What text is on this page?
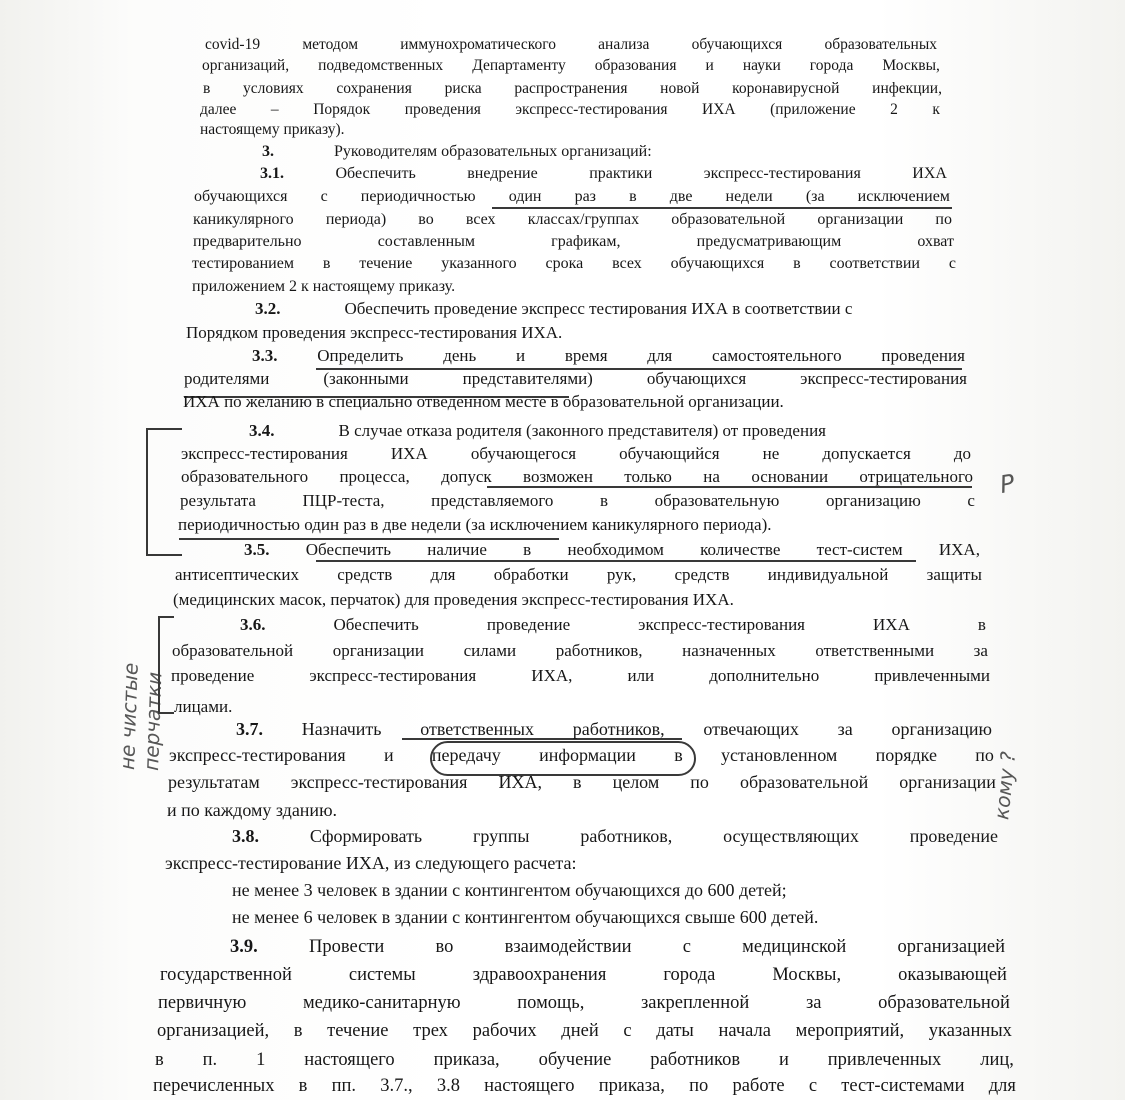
covid-19	методом	иммунохроматического	анализа	обучающихся	образовательных
организаций, подведомственных Департаменту образования и науки города Москвы,
в условиях сохранения риска распространения новой коронавирусной инфекции,
далее – Порядок проведения экспресс-тестирования ИХА (приложение 2 к
настоящему приказу).
3.	Руководителям образовательных организаций:
3.1.	Обеспечить	внедрение	практики	экспресс-тестирования	ИХА
обучающихся с периодичностью один раз в две недели (за исключением
каникулярного периода) во всех классах/группах образовательной организации по
предварительно	составленным	графикам,	предусматривающим	охват
тестированием в течение указанного срока всех обучающихся в соответствии с
приложением 2 к настоящему приказу.
3.2.	Обеспечить проведение экспресс тестирования ИХА в соответствии с
Порядком проведения экспресс-тестирования ИХА.
3.3. Определить день и время для самостоятельного проведения
родителями	(законными	представителями)	обучающихся	экспресс-тестирования
ИХА по желанию в специально отведенном месте в образовательной организации.
3.4.	В случае отказа родителя (законного представителя) от проведения
экспресс-тестирования	ИХА	обучающегося	обучающийся	не	допускается	до
образовательного процесса, допуск возможен только на основании отрицательного
результата	ПЦР-теста,	представляемого	в	образовательную	организацию	с
периодичностью один раз в две недели (за исключением каникулярного периода).
3.5. Обеспечить наличие в необходимом количестве тест-систем ИХА,
антисептических средств для обработки рук, средств индивидуальной защиты
(медицинских масок, перчаток) для проведения экспресс-тестирования ИХА.
3.6.	Обеспечить	проведение	экспресс-тестирования	ИХА	в
образовательной организации силами работников, назначенных ответственными за
проведение	экспресс-тестирования	ИХА,	или	дополнительно	привлеченными
лицами.
3.7. Назначить ответственных работников, отвечающих за организацию
экспресс-тестирования и передачу информации в установленном порядке по
результатам экспресс-тестирования ИХА, в целом по образовательной организации
и по каждому зданию.
3.8.	Сформировать	группы	работников,	осуществляющих	проведение
экспресс-тестирование ИХА, из следующего расчета:
не менее 3 человек в здании с контингентом обучающихся до 600 детей;
не менее 6 человек в здании с контингентом обучающихся свыше 600 детей.
3.9.	Провести	во	взаимодействии	с	медицинской	организацией
государственной	системы	здравоохранения	города	Москвы,	оказывающей
первичную	медико-санитарную	помощь,	закрепленной	за	образовательной
организацией, в течение трех рабочих дней с даты начала мероприятий, указанных
в п. 1 настоящего приказа, обучение работников и привлеченных лиц,
перечисленных в пп. 3.7., 3.8 настоящего приказа, по работе с тест-системами для
не чистые перчатки
кому ?
P
